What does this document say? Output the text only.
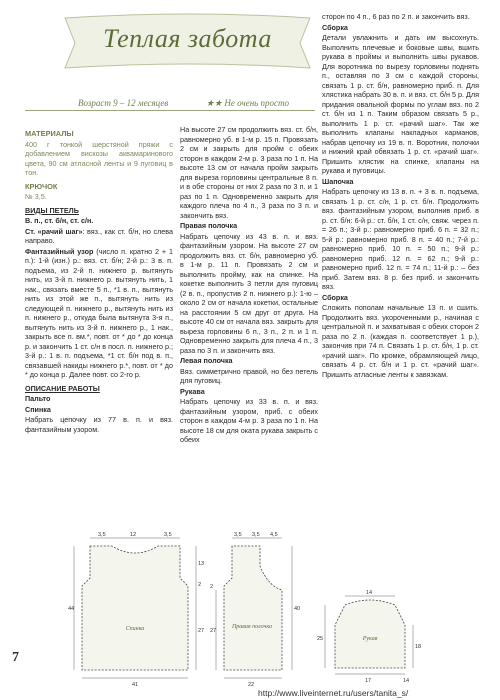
Теплая забота
Возраст 9 – 12 месяцев	★★ Не очень просто

МАТЕРИАЛЫ

400 г тонкой шерстяной пряжи с добавлением вискозы аквамаринового цвета, 90 см атласной ленты и 9 пуговиц в тон.

КРЮЧОК

№ 3,5.

ВИДЫ ПЕТЕЛЬ

В. п., ст. б/н, ст. с/н.

Ст. «рачий шаг»: вяз., как ст. б/н, но слева направо.

Фантазийный узор (число п. кратно 2 + 1 п.): 1-й (изн.) р.: вяз. ст. б/н; 2-й р.: 3 в. п. подъема, из 2-й п. нижнего р. вытянуть нить, из 3-й п. нижнего р. вытянуть нить, 1 нак., связать вместе 5 п., *1 в. п., вытянуть нить из этой же п., вытянуть нить из следующей п. нижнего р., вытянуть нить из п. нижнего р., откуда была вытянута 3-я п., вытянуть нить из 3-й п. нижнего р., 1 нак., закрыть все п. вм.*, повт. от * до * до конца р. и закончить 1 ст. с/н в посл. п. нижнего р.; 3-й р.: 1 в. п. подъема, *1 ст. б/н под в. п., связавшей накиды нижнего р.*, повт. от * до * до конца р. Далее повт. со 2-го р.

ОПИСАНИЕ РАБОТЫ

Пальто

Спинка

Набрать цепочку из 77 в. п. и вяз. фантазийным узором.

На высоте 27 см продолжить вяз. ст. б/н, равномерно уб. в 1-м р. 15 п. Провязать 2 см и закрыть для пройм с обеих сторон в каждом 2-м р. 3 раза по 1 п. На высоте 13 см от начала пройм закрыть для выреза горловины центральные 8 п. и в обе стороны от них 2 раза по 3 п. и 1 раз по 1 п. Одновременно закрыть для каждого плеча по 4 п., 3 раза по 3 п. и закончить вяз.

Правая полочка

Набрать цепочку из 43 в. п. и вяз. фантазийным узором. На высоте 27 см продолжить вяз. ст. б/н, равномерно уб. в 1-м р. 11 п. Провязать 2 см и выполнить пройму, как на спинке. На кокетке выполнить 3 петли для пуговиц (2 в. п., пропустив 2 п. нижнего р.): 1-ю – около 2 см от начала кокетки, остальные на расстоянии 5 см друг от друга. На высоте 40 см от начала вяз. закрыть для выреза горловины 6 п., 3 п., 2 п. и 1 п. Одновременно закрыть для плеча 4 п., 3 раза по 3 п. и закончить вяз.

Левая полочка

Вяз. симметрично правой, но без петель для пуговиц.

Рукава

Набрать цепочку из 33 в. п. и вяз. фантазийным узором, приб. с обеих сторон в каждом 4-м р. 3 раза по 1 п. На высоте 18 см для оката рукава закрыть с обеих

сторон по 4 п., 6 раз по 2 п. и закончить вяз.

Сборка

Детали увлажнить и дать им высохнуть. Выполнить плечевые и боковые швы, вшить рукава в проймы и выполнить швы рукавов. Для воротника по вырезу горловины поднять п., оставляя по 3 см с каждой стороны, связать 1 р. ст. б/н, равномерно приб. п. Для хлястика набрать 30 в. п. и вяз. ст. б/н 5 р. Для придания овальной формы по углам вяз. по 2 ст. б/н из 1 п. Таким образом связать 5 р., выполнить 1 р. ст. «рачий шаг». Так же выполнить клапаны накладных карманов, набрав цепочку из 19 в. п. Воротник, полочки и нижний край обвязать 1 р. ст. «рачий шаг». Пришить хлястик на спинке, клапаны на рукава и пуговицы.

Шапочка

Набрать цепочку из 13 в. п. + 3 в. п. подъема, связать 1 р. ст. с/н, 1 р. ст. б/н. Продолжить вяз. фантазийным узором, выполнив приб. в р. ст. б/н: 6-й р.: ст. б/н, 1 ст. с/н, свяж. через п. = 26 п.; 3-й р.: равномерно приб. 6 п. = 32 п.; 5-й р.: равномерно приб. 8 п. = 40 п.; 7-й р.: равномерно приб. 10 п. = 50 п.; 9-й р.: равномерно приб. 12 п. = 62 п.; 9-й р.: равномерно приб. 12 п. = 74 п.; 11-й р.: – без приб. Затем вяз. 8 р. без приб. и закончить вяз.

Сборка

Сложить пополам начальные 13 п. и сшить. Продолжить вяз. укороченными р., начиная с центральной п. и захватывая с обеих сторон 2 раза по 2 п. (каждая п. соответствует 1 р.), закончив при 74 п. Связать 1 р. ст. б/н, 1 р. ст. «рачий шаг». По кромке, обрамляющей лицо, связать 4 р. ст. б/н и 1 р. ст. «рачий шаг». Пришить атласные ленты к завязкам.

Спинка
3,5	12	3,5
44
13
2
27
41
Правая полочка
3,5 3,5 4,5
2
27
40
22
Рукав
14
25
18
17	14
7
http://www.liveinternet.ru/users/tanita_s/
